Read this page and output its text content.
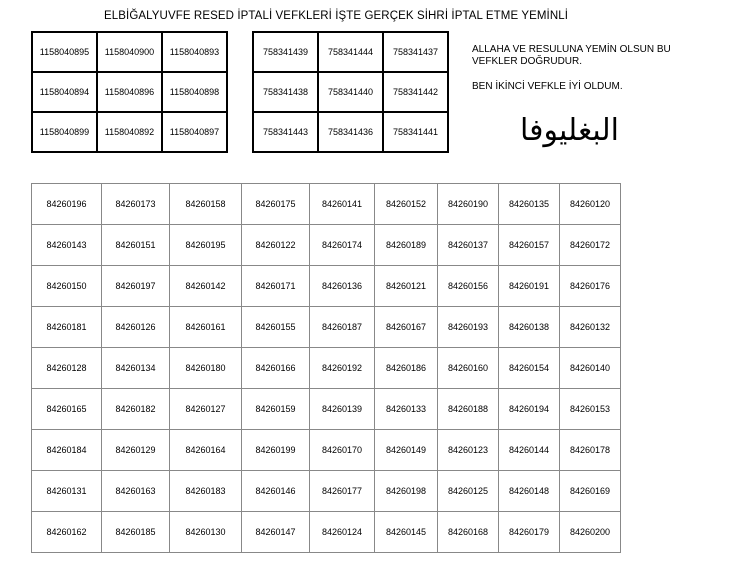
ELBİĞALYUVFE RESED İPTALİ VEFKLERİ İŞTE GERÇEK SİHRİ İPTAL ETME YEMİNLİ
1158040895	1158040900	1158040893
1158040894	1158040896	1158040898
1158040899	1158040892	1158040897
758341439	758341444	758341437
758341438	758341440	758341442
758341443	758341436	758341441
ALLAHA VE RESULUNA YEMİN OLSUN BU VEFKLER DOĞRUDUR.
BEN İKİNCİ VEFKLE İYİ OLDUM.
البغليوفا
84260196	84260173	84260158	84260175	84260141	84260152	84260190	84260135	84260120
84260143	84260151	84260195	84260122	84260174	84260189	84260137	84260157	84260172
84260150	84260197	84260142	84260171	84260136	84260121	84260156	84260191	84260176
84260181	84260126	84260161	84260155	84260187	84260167	84260193	84260138	84260132
84260128	84260134	84260180	84260166	84260192	84260186	84260160	84260154	84260140
84260165	84260182	84260127	84260159	84260139	84260133	84260188	84260194	84260153
84260184	84260129	84260164	84260199	84260170	84260149	84260123	84260144	84260178
84260131	84260163	84260183	84260146	84260177	84260198	84260125	84260148	84260169
84260162	84260185	84260130	84260147	84260124	84260145	84260168	84260179	84260200
